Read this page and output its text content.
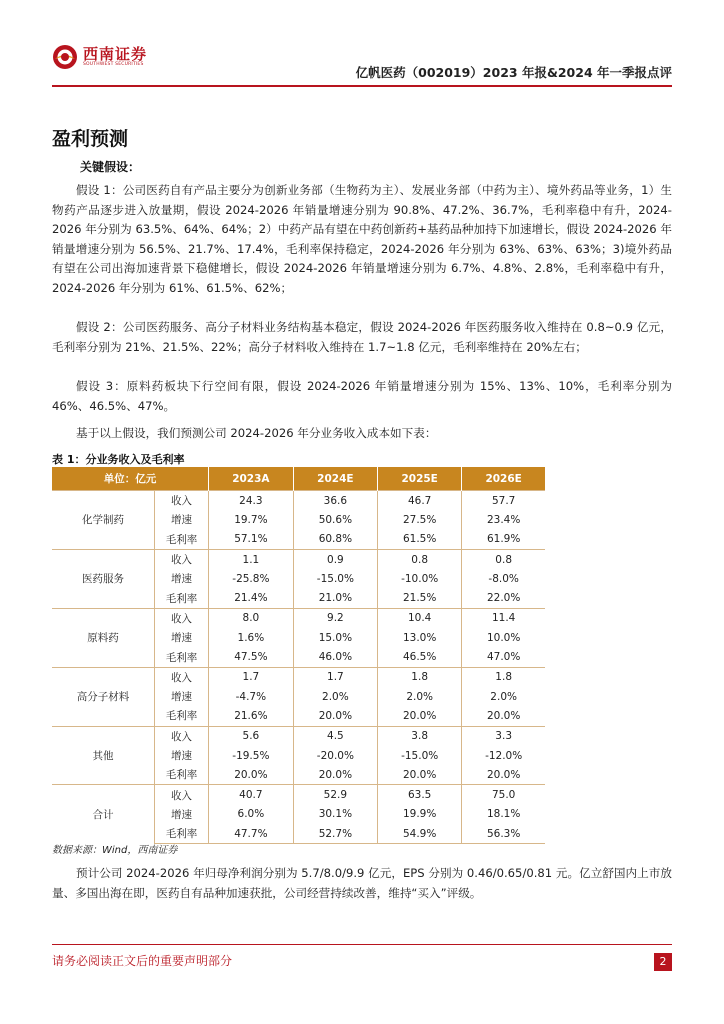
西南证券
SOUTHWEST SECURITIES
亿帆医药（002019）2023 年报&2024 年一季报点评
盈利预测
关键假设：

假设 1：公司医药自有产品主要分为创新业务部（生物药为主）、发展业务部（中药为主）、境外药品等业务，1）生物药产品逐步进入放量期，假设 2024-2026 年销量增速分别为 90.8%、47.2%、36.7%，毛利率稳中有升，2024-2026 年分别为 63.5%、64%、64%；2）中药产品有望在中药创新药+基药品种加持下加速增长，假设 2024-2026 年销量增速分别为 56.5%、21.7%、17.4%，毛利率保持稳定，2024-2026 年分别为 63%、63%、63%；3)境外药品有望在公司出海加速背景下稳健增长，假设 2024-2026 年销量增速分别为 6.7%、4.8%、2.8%，毛利率稳中有升，2024-2026 年分别为 61%、61.5%、62%；

假设 2：公司医药服务、高分子材料业务结构基本稳定，假设 2024-2026 年医药服务收入维持在 0.8~0.9 亿元，毛利率分别为 21%、21.5%、22%；高分子材料收入维持在 1.7~1.8 亿元，毛利率维持在 20%左右；

假设 3：原料药板块下行空间有限，假设 2024-2026 年销量增速分别为 15%、13%、10%，毛利率分别为 46%、46.5%、47%。

基于以上假设，我们预测公司 2024-2026 年分业务收入成本如下表：

表 1：分业务收入及毛利率
单位：亿元		2023A	2024E	2025E	2026E
化学制药	收入	24.3	36.6	46.7	57.7
	增速	19.7%	50.6%	27.5%	23.4%
	毛利率	57.1%	60.8%	61.5%	61.9%
医药服务	收入	1.1	0.9	0.8	0.8
	增速	-25.8%	-15.0%	-10.0%	-8.0%
	毛利率	21.4%	21.0%	21.5%	22.0%
原料药	收入	8.0	9.2	10.4	11.4
	增速	1.6%	15.0%	13.0%	10.0%
	毛利率	47.5%	46.0%	46.5%	47.0%
高分子材料	收入	1.7	1.7	1.8	1.8
	增速	-4.7%	2.0%	2.0%	2.0%
	毛利率	21.6%	20.0%	20.0%	20.0%
其他	收入	5.6	4.5	3.8	3.3
	增速	-19.5%	-20.0%	-15.0%	-12.0%
	毛利率	20.0%	20.0%	20.0%	20.0%
合计	收入	40.7	52.9	63.5	75.0
	增速	6.0%	30.1%	19.9%	18.1%
	毛利率	47.7%	52.7%	54.9%	56.3%
数据来源：Wind，西南证券

预计公司 2024-2026 年归母净利润分别为 5.7/8.0/9.9 亿元，EPS 分别为 0.46/0.65/0.81 元。亿立舒国内上市放量、多国出海在即，医药自有品种加速获批，公司经营持续改善，维持“买入”评级。

请务必阅读正文后的重要声明部分	2
